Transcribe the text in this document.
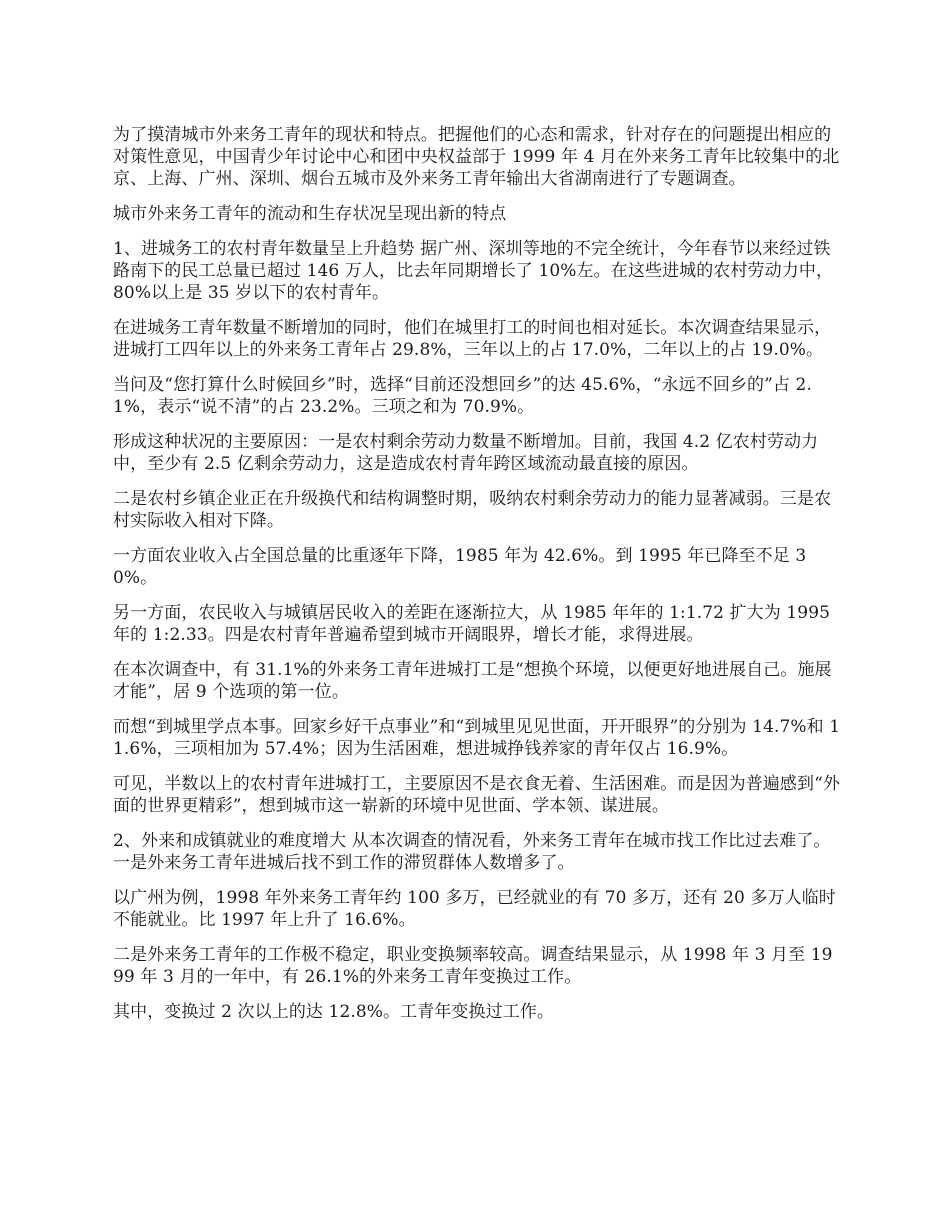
为了摸清城市外来务工青年的现状和特点。把握他们的心态和需求，针对存在的问题提出相应的对策性意见，中国青少年讨论中心和团中央权益部于 1999 年 4 月在外来务工青年比较集中的北京、上海、广州、深圳、烟台五城市及外来务工青年输出大省湖南进行了专题调查。

城市外来务工青年的流动和生存状况呈现出新的特点

1、进城务工的农村青年数量呈上升趋势 据广州、深圳等地的不完全统计，今年春节以来经过铁路南下的民工总量已超过 146 万人，比去年同期增长了 10%左。在这些进城的农村劳动力中，80%以上是 35 岁以下的农村青年。

在进城务工青年数量不断增加的同时，他们在城里打工的时间也相对延长。本次调查结果显示，进城打工四年以上的外来务工青年占 29.8%，三年以上的占 17.0%，二年以上的占 19.0%。

当问及“您打算什么时候回乡”时，选择“目前还没想回乡”的达 45.6%，“永远不回乡的”占 2.1%，表示“说不清”的占 23.2%。三项之和为 70.9%。

形成这种状况的主要原因：一是农村剩余劳动力数量不断增加。目前，我国 4.2 亿农村劳动力中，至少有 2.5 亿剩余劳动力，这是造成农村青年跨区域流动最直接的原因。

二是农村乡镇企业正在升级换代和结构调整时期，吸纳农村剩余劳动力的能力显著减弱。三是农村实际收入相对下降。

一方面农业收入占全国总量的比重逐年下降，1985 年为 42.6%。到 1995 年已降至不足 30%。

另一方面，农民收入与城镇居民收入的差距在逐渐拉大，从 1985 年年的 1:1.72 扩大为 1995 年的 1:2.33。四是农村青年普遍希望到城市开阔眼界，增长才能，求得进展。

在本次调查中，有 31.1%的外来务工青年进城打工是“想换个环境，以便更好地进展自己。施展才能”，居 9 个选项的第一位。

而想“到城里学点本事。回家乡好干点事业”和“到城里见见世面，开开眼界”的分别为 14.7%和 11.6%，三项相加为 57.4%；因为生活困难，想进城挣钱养家的青年仅占 16.9%。

可见，半数以上的农村青年进城打工，主要原因不是衣食无着、生活困难。而是因为普遍感到“外面的世界更精彩”，想到城市这一崭新的环境中见世面、学本领、谋进展。

2、外来和成镇就业的难度增大 从本次调查的情况看，外来务工青年在城市找工作比过去难了。一是外来务工青年进城后找不到工作的滞贸群体人数增多了。

以广州为例，1998 年外来务工青年约 100 多万，已经就业的有 70 多万，还有 20 多万人临时不能就业。比 1997 年上升了 16.6%。

二是外来务工青年的工作极不稳定，职业变换频率较高。调查结果显示，从 1998 年 3 月至 1999 年 3 月的一年中，有 26.1%的外来务工青年变换过工作。

其中，变换过 2 次以上的达 12.8%。工青年变换过工作。
